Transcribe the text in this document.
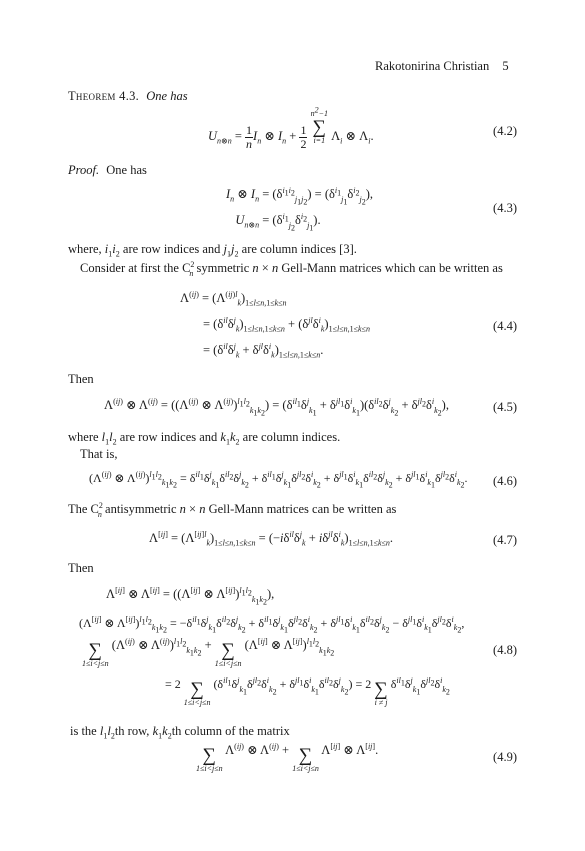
Rakotonirina Christian 5
Theorem 4.3. One has
$U_{n\otimes n} = \frac{1}{n} I_n$ ⊗ $I_n + \frac{1}{2}$

$n^2-1$
∑
i=1 $\Lambda_i$ ⊗ $\Lambda_i$.	(4.2)
Proof. One has
$I_n$ ⊗ $I_n = (\delta^{i_1i_2}_{j_1j_2}) = (\delta^{i_1}_{j_1}\delta^{i_2}_{j_2})$,
$U_{n\otimes n} = (\delta^{i_1}_{j_2}\delta^{i_2}_{j_1})$.
(4.3)
where, $i_1i_2$ are row indices and $j_1j_2$ are column indices [3].
Consider at first the $C^2_n$ symmetric n × n Gell-Mann matrices which can be written as
$\Lambda^{(ij)} = (\Lambda^{(ij)l}_k)_{1\le l\le n,1\le k\le n}$
= $(\delta^{il}\delta^j_k)_{1\le l\le n,1\le k\le n} + (\delta^{jl}\delta^i_k)_{1\le l\le n,1\le k\le n}$
= $(\delta^{il}\delta^j_k + \delta^{jl}\delta^i_k)_{1\le l\le n,1\le k\le n}$.
(4.4)
Then
$\Lambda^{(ij)}$ ⊗ $\Lambda^{(ij)} = ((\Lambda^{(ij)}$ ⊗ $\Lambda^{(ij)})^{l_1l_2}_{k_1k_2}) = (\delta^{il_1}\delta^j_{k_1} + \delta^{jl_1}\delta^i_{k_1})(\delta^{il_2}\delta^j_{k_2} + \delta^{jl_2}\delta^i_{k_2})$,	(4.5)
where $l_1l_2$ are row indices and $k_1k_2$ are column indices.
That is,
($\Lambda^{(ij)}$ ⊗ $\Lambda^{(ij)})^{l_1l_2}_{k_1k_2} = \delta^{il_1}\delta^j_{k_1}\delta^{il_2}\delta^j_{k_2} + \delta^{il_1}\delta^j_{k_1}\delta^{jl_2}\delta^i_{k_2} + \delta^{jl_1}\delta^i_{k_1}\delta^{il_2}\delta^j_{k_2} + \delta^{jl_1}\delta^i_{k_1}\delta^{jl_2}\delta^i_{k_2}$. (4.6)
The $C^2_n$ antisymmetric n × n Gell-Mann matrices can be written as
$\Lambda[ij] = (\Lambda^{[ij]l}_k)_{1\le l\le n,1\le k\le n} = (-i\delta^{il}\delta^j_k + i\delta^{jl}\delta^i_k)_{1\le l\le n,1\le k\le n}$.	(4.7)
Then
Λ[ij] ⊗ Λ[ij] = ((Λ[ij] ⊗ Λ[ij])$^{l_1l_2}_{k_1k_2}$),
(Λ[ij] ⊗ $\Lambda[ij])^{l_1l_2}_{k_1k_2} = -\delta^{il_1}\delta^j_{k_1}\delta^{il_2}\delta^j_{k_2} + \delta^{il_1}\delta^j_{k_1}\delta^{jl_2}\delta^i_{k_2} + \delta^{jl_1}\delta^i_{k_1}\delta^{il_2}\delta^j_{k_2} - \delta^{jl_1}\delta^i_{k_1}\delta^{jl_2}\delta^i_{k_2}$,
∑
1≤i<j≤n
($\Lambda^{(ij)}$ ⊗ $\Lambda^{(ij)})^{l_1l_2}_{k_1k_2}$ + ∑
1≤i<j≤n
(Λ[ij] ⊗ Λ[ij])$^{l_1l_2}_{k_1k_2}$
= 2 ∑
1≤i<j≤n
$(\delta^{il_1}\delta^j_{k_1}\delta^{jl_2}\delta^i_{k_2} + \delta^{jl_1}\delta^i_{k_1}\delta^{il_2}\delta^j_{k_2}) = 2$ ∑
i ≠ j
$\delta^{il_1}\delta^j_{k_1}\delta^{jl_2}\delta^i_{k_2}$
(4.8)
is the $l_1l_2th$ row, $k_1k_2th$ column of the matrix
∑
1≤i<j≤n
$\Lambda^{(ij)}$ ⊗ $\Lambda^{(ij)}$ + ∑
1≤i<j≤n
Λ[ij] ⊗ Λ[ij].	(4.9)
